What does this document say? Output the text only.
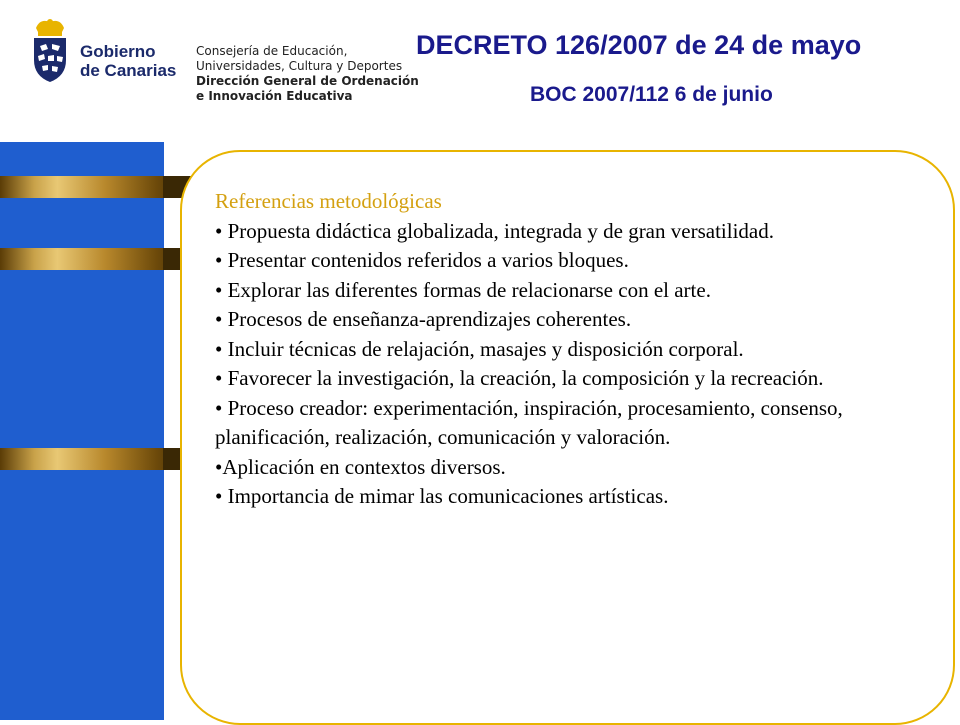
Gobierno
de Canarias

Consejería de Educación,
Universidades, Cultura y Deportes
Dirección General de Ordenación
e Innovación Educativa
DECRETO 126/2007 de 24 de mayo
BOC 2007/112 6 de junio

Referencias metodológicas

• Propuesta didáctica globalizada, integrada y de gran versatilidad.
• Presentar contenidos referidos a varios bloques.
• Explorar las diferentes formas de relacionarse con el arte.
• Procesos de enseñanza-aprendizajes coherentes.
• Incluir técnicas de relajación, masajes y disposición corporal.
• Favorecer la investigación, la creación, la composición y la recreación.
• Proceso creador: experimentación, inspiración, procesamiento, consenso, planificación, realización, comunicación y valoración.
•Aplicación en contextos diversos.
• Importancia de mimar las comunicaciones artísticas.
